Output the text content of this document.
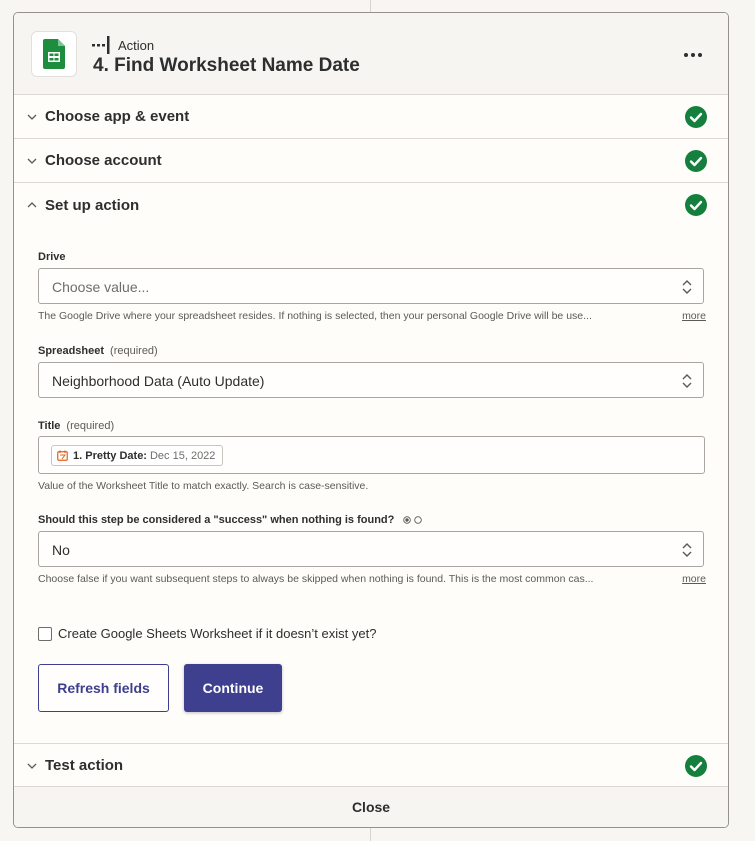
Action
4. Find Worksheet Name Date
Choose app & event
Choose account
Set up action
Drive
Choose value...
The Google Drive where your spreadsheet resides. If nothing is selected, then your personal Google Drive will be use...	more
Spreadsheet (required)
Neighborhood Data (Auto Update)
Title (required)
1. Pretty Date: Dec 15, 2022
Value of the Worksheet Title to match exactly. Search is case-sensitive.
Should this step be considered a "success" when nothing is found?
No
Choose false if you want subsequent steps to always be skipped when nothing is found. This is the most common cas...	more
Create Google Sheets Worksheet if it doesn’t exist yet?
Refresh fields	Continue
Test action
Close
